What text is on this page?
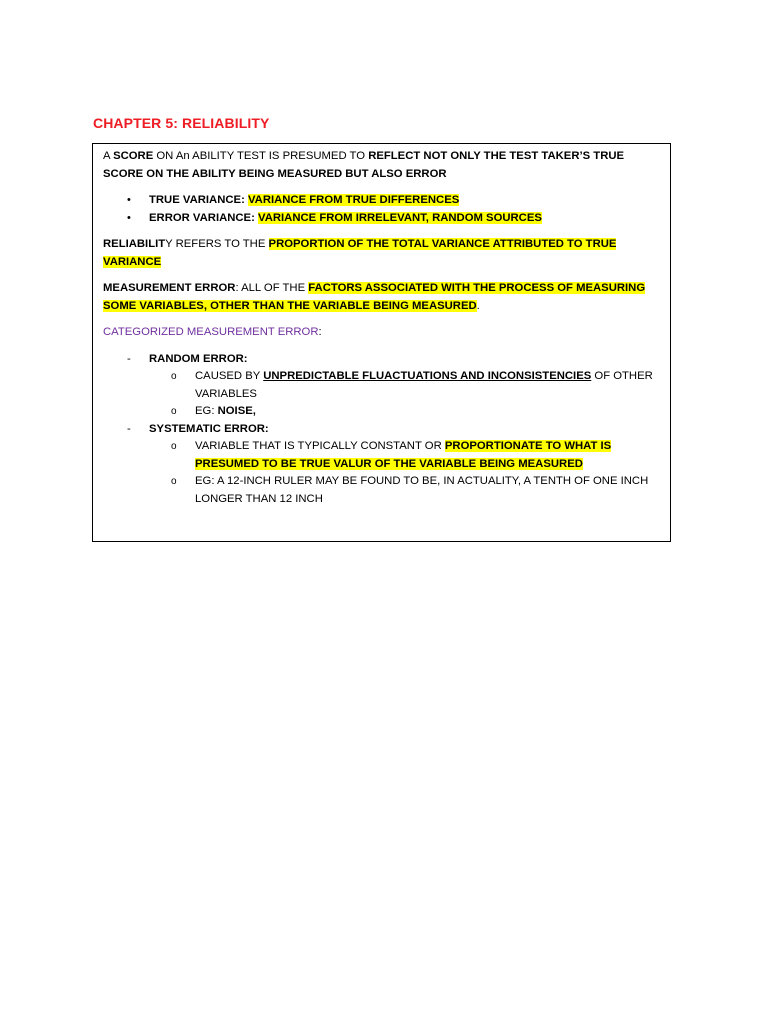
CHAPTER 5: RELIABILITY

A SCORE ON An ABILITY TEST IS PRESUMED TO REFLECT NOT ONLY THE TEST TAKER’S TRUE SCORE ON THE ABILITY BEING MEASURED BUT ALSO ERROR

• TRUE VARIANCE: VARIANCE FROM TRUE DIFFERENCES
• ERROR VARIANCE: VARIANCE FROM IRRELEVANT, RANDOM SOURCES

RELIABILITY REFERS TO THE PROPORTION OF THE TOTAL VARIANCE ATTRIBUTED TO TRUE VARIANCE

MEASUREMENT ERROR: ALL OF THE FACTORS ASSOCIATED WITH THE PROCESS OF MEASURING SOME VARIABLES, OTHER THAN THE VARIABLE BEING MEASURED.

CATEGORIZED MEASUREMENT ERROR:

- RANDOM ERROR:
o CAUSED BY UNPREDICTABLE FLUACTUATIONS AND INCONSISTENCIES OF OTHER VARIABLES
o EG: NOISE,
- SYSTEMATIC ERROR:
o VARIABLE THAT IS TYPICALLY CONSTANT OR PROPORTIONATE TO WHAT IS PRESUMED TO BE TRUE VALUR OF THE VARIABLE BEING MEASURED
o EG: A 12-INCH RULER MAY BE FOUND TO BE, IN ACTUALITY, A TENTH OF ONE INCH LONGER THAN 12 INCH
